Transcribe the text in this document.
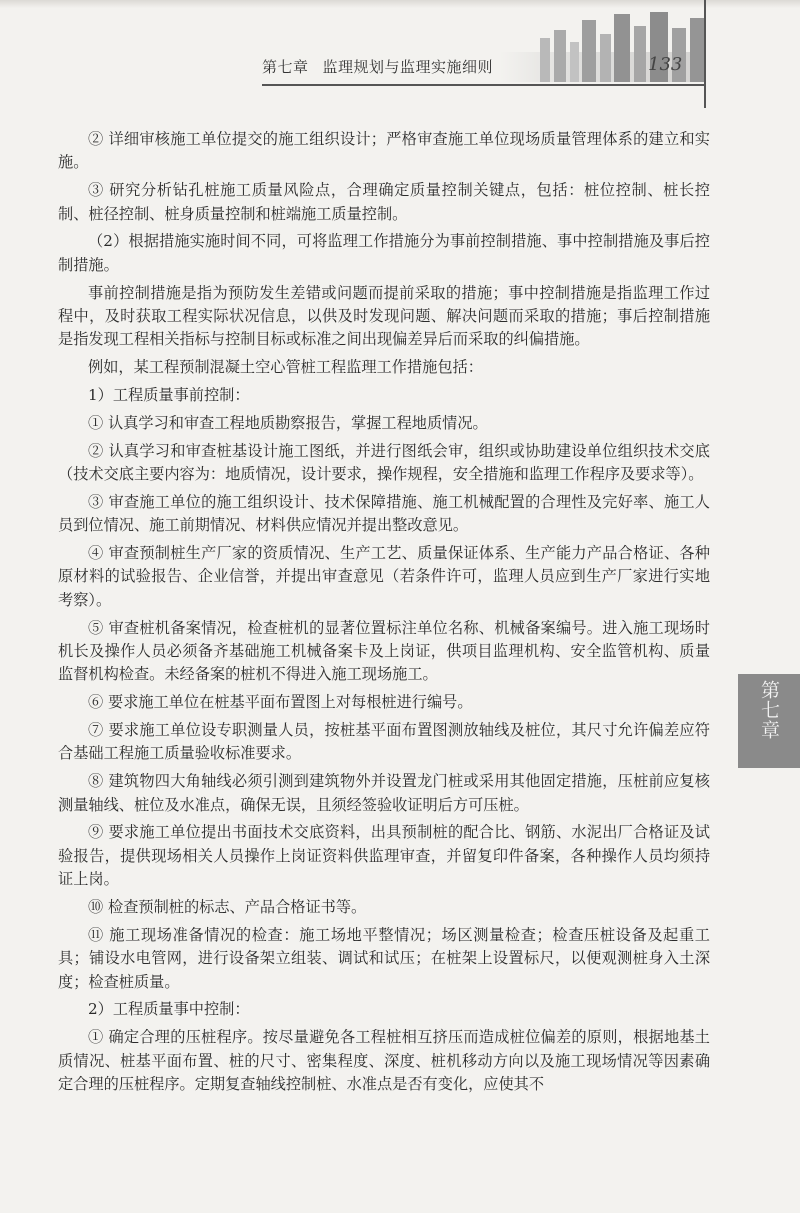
第七章 监理规划与监理实施细则	133
第七章

② 详细审核施工单位提交的施工组织设计；严格审查施工单位现场质量管理体系的建立和实施。

③ 研究分析钻孔桩施工质量风险点，合理确定质量控制关键点，包括：桩位控制、桩长控制、桩径控制、桩身质量控制和桩端施工质量控制。

（2）根据措施实施时间不同，可将监理工作措施分为事前控制措施、事中控制措施及事后控制措施。

事前控制措施是指为预防发生差错或问题而提前采取的措施；事中控制措施是指监理工作过程中，及时获取工程实际状况信息，以供及时发现问题、解决问题而采取的措施；事后控制措施是指发现工程相关指标与控制目标或标准之间出现偏差异后而采取的纠偏措施。

例如，某工程预制混凝土空心管桩工程监理工作措施包括：

1）工程质量事前控制：

① 认真学习和审查工程地质勘察报告，掌握工程地质情况。

② 认真学习和审查桩基设计施工图纸，并进行图纸会审，组织或协助建设单位组织技术交底（技术交底主要内容为：地质情况，设计要求，操作规程，安全措施和监理工作程序及要求等）。

③ 审查施工单位的施工组织设计、技术保障措施、施工机械配置的合理性及完好率、施工人员到位情况、施工前期情况、材料供应情况并提出整改意见。

④ 审查预制桩生产厂家的资质情况、生产工艺、质量保证体系、生产能力产品合格证、各种原材料的试验报告、企业信誉，并提出审查意见（若条件许可，监理人员应到生产厂家进行实地考察）。

⑤ 审查桩机备案情况，检查桩机的显著位置标注单位名称、机械备案编号。进入施工现场时机长及操作人员必须备齐基础施工机械备案卡及上岗证，供项目监理机构、安全监管机构、质量监督机构检查。未经备案的桩机不得进入施工现场施工。

⑥ 要求施工单位在桩基平面布置图上对每根桩进行编号。

⑦ 要求施工单位设专职测量人员，按桩基平面布置图测放轴线及桩位，其尺寸允许偏差应符合基础工程施工质量验收标准要求。

⑧ 建筑物四大角轴线必须引测到建筑物外并设置龙门桩或采用其他固定措施，压桩前应复核测量轴线、桩位及水准点，确保无误，且须经签验收证明后方可压桩。

⑨ 要求施工单位提出书面技术交底资料，出具预制桩的配合比、钢筋、水泥出厂合格证及试验报告，提供现场相关人员操作上岗证资料供监理审查，并留复印件备案，各种操作人员均须持证上岗。

⑩ 检查预制桩的标志、产品合格证书等。

⑪ 施工现场准备情况的检查：施工场地平整情况；场区测量检查；检查压桩设备及起重工具；铺设水电管网，进行设备架立组装、调试和试压；在桩架上设置标尺，以便观测桩身入土深度；检查桩质量。

2）工程质量事中控制：

① 确定合理的压桩程序。按尽量避免各工程桩相互挤压而造成桩位偏差的原则，根据地基土质情况、桩基平面布置、桩的尺寸、密集程度、深度、桩机移动方向以及施工现场情况等因素确定合理的压桩程序。定期复查轴线控制桩、水准点是否有变化，应使其不
